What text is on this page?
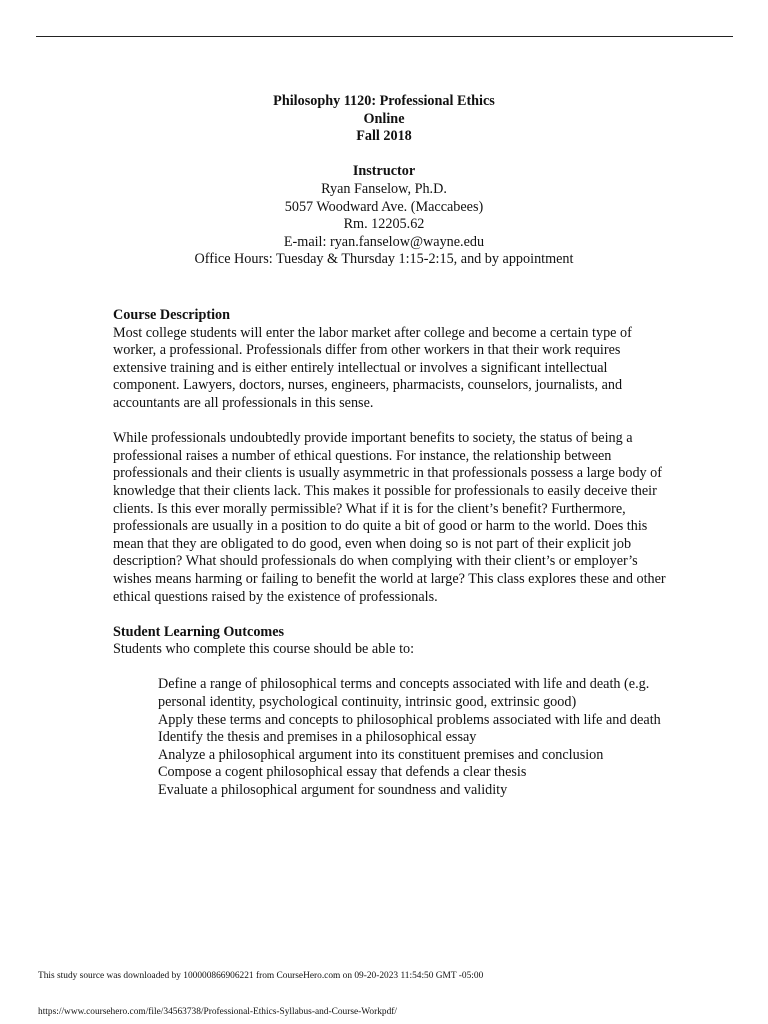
Philosophy 1120: Professional Ethics
Online
Fall 2018
Instructor
Ryan Fanselow, Ph.D.
5057 Woodward Ave. (Maccabees)
Rm. 12205.62
E-mail: ryan.fanselow@wayne.edu
Office Hours: Tuesday & Thursday 1:15-2:15, and by appointment

Course Description

Most college students will enter the labor market after college and become a certain type of worker, a professional. Professionals differ from other workers in that their work requires extensive training and is either entirely intellectual or involves a significant intellectual component. Lawyers, doctors, nurses, engineers, pharmacists, counselors, journalists, and accountants are all professionals in this sense.

While professionals undoubtedly provide important benefits to society, the status of being a professional raises a number of ethical questions. For instance, the relationship between professionals and their clients is usually asymmetric in that professionals possess a large body of knowledge that their clients lack. This makes it possible for professionals to easily deceive their clients. Is this ever morally permissible? What if it is for the client’s benefit? Furthermore, professionals are usually in a position to do quite a bit of good or harm to the world. Does this mean that they are obligated to do good, even when doing so is not part of their explicit job description? What should professionals do when complying with their client’s or employer’s wishes means harming or failing to benefit the world at large? This class explores these and other ethical questions raised by the existence of professionals.

Student Learning Outcomes

Students who complete this course should be able to:

Define a range of philosophical terms and concepts associated with life and death (e.g. personal identity, psychological continuity, intrinsic good, extrinsic good)
Apply these terms and concepts to philosophical problems associated with life and death
Identify the thesis and premises in a philosophical essay
Analyze a philosophical argument into its constituent premises and conclusion
Compose a cogent philosophical essay that defends a clear thesis
Evaluate a philosophical argument for soundness and validity
This study source was downloaded by 100000866906221 from CourseHero.com on 09-20-2023 11:54:50 GMT -05:00
https://www.coursehero.com/file/34563738/Professional-Ethics-Syllabus-and-Course-Workpdf/
